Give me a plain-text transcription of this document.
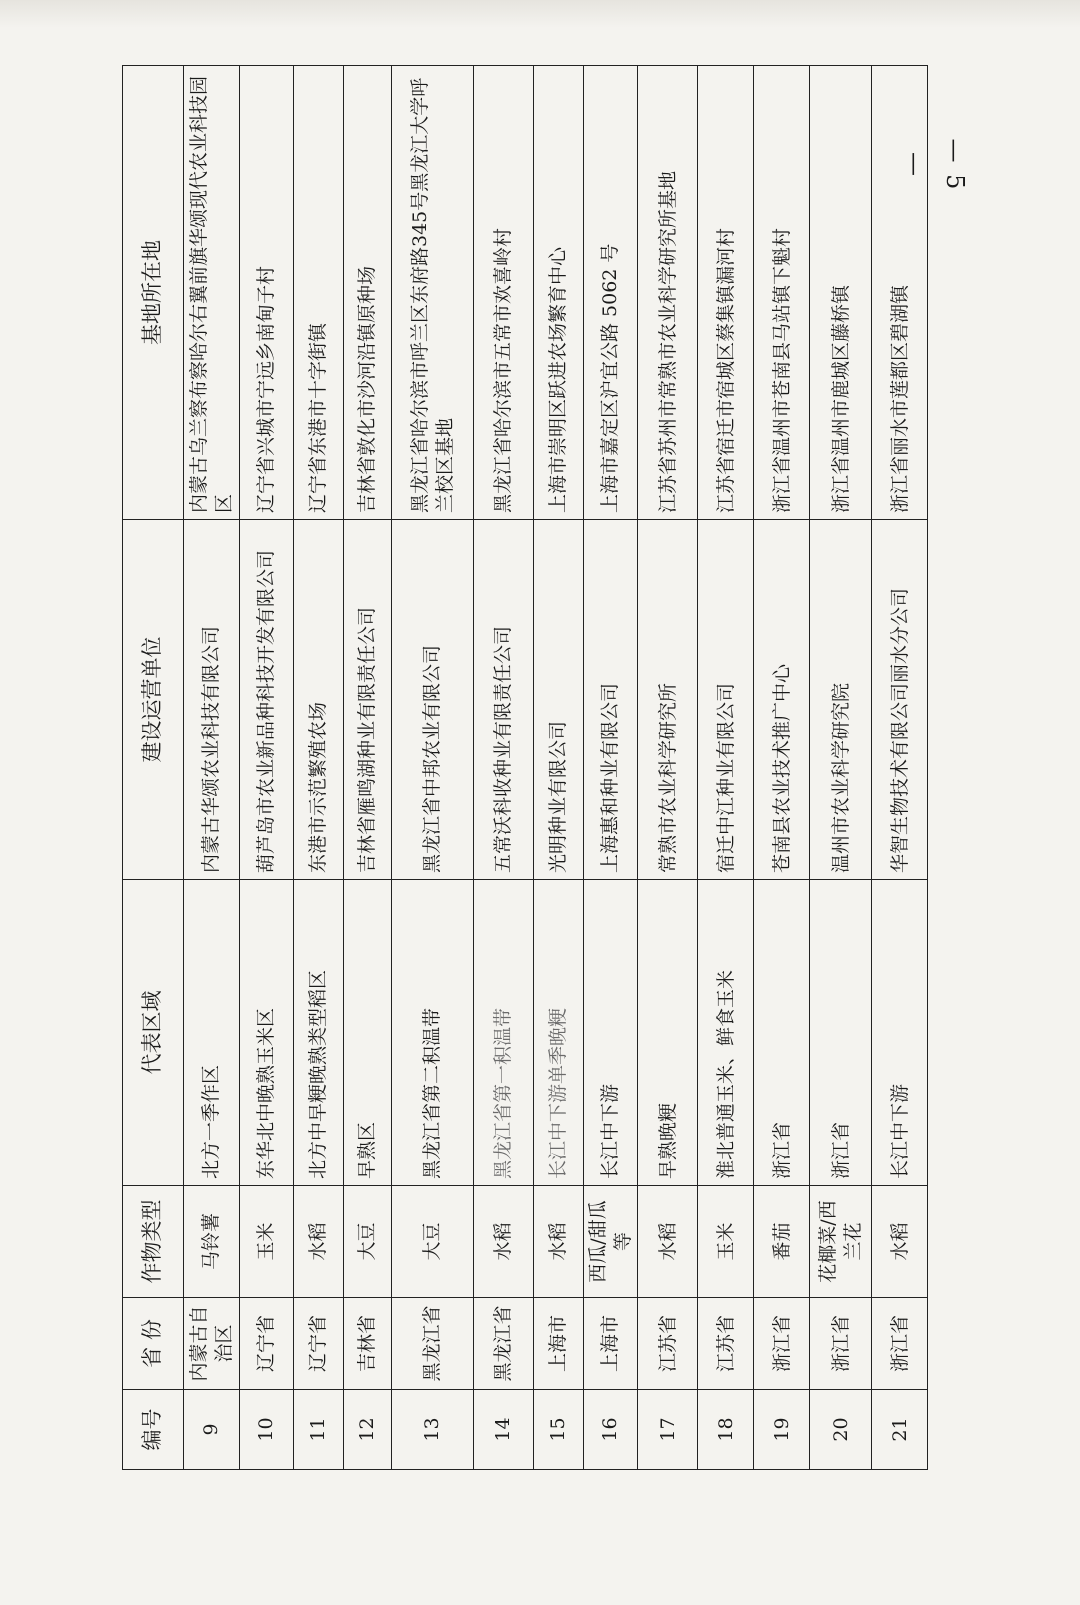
— 5 —
编号	省 份	作物类型	代表区域	建设运营单位	基地所在地
9	内蒙古自治区	马铃薯	北方一季作区	内蒙古华颂农业科技有限公司	内蒙古乌兰察布察哈尔右翼前旗华颂现代农业科技园区
10	辽宁省	玉米	东华北中晚熟玉米区	葫芦岛市农业新品种科技开发有限公司	辽宁省兴城市宁远乡南甸子村
11	辽宁省	水稻	北方中早粳晚熟类型稻区	东港市示范繁殖农场	辽宁省东港市十字街镇
12	吉林省	大豆	早熟区	吉林省雁鸣湖种业有限责任公司	吉林省敦化市沙河沿镇原种场
13	黑龙江省	大豆	黑龙江省第二积温带	黑龙江省中邦农业有限公司	黑龙江省哈尔滨市呼兰区东府路345号黑龙江大学呼兰校区基地
14	黑龙江省	水稻	黑龙江省第一积温带	五常沃科收种业有限责任公司	黑龙江省哈尔滨市五常市欢喜岭村
15	上海市	水稻	长江中下游单季晚粳	光明种业有限公司	上海市崇明区跃进农场繁育中心
16	上海市	西瓜/甜瓜等	长江中下游	上海惠和种业有限公司	上海市嘉定区沪宜公路 5062 号
17	江苏省	水稻	早熟晚粳	常熟市农业科学研究所	江苏省苏州市常熟市农业科学研究所基地
18	江苏省	玉米	淮北普通玉米、鲜食玉米	宿迁中江种业有限公司	江苏省宿迁市宿城区蔡集镇漏河村
19	浙江省	番茄	浙江省	苍南县农业技术推广中心	浙江省温州市苍南县马站镇下魁村
20	浙江省	花椰菜/西兰花	浙江省	温州市农业科学研究院	浙江省温州市鹿城区藤桥镇
21	浙江省	水稻	长江中下游	华智生物技术有限公司丽水分公司	浙江省丽水市莲都区碧湖镇
